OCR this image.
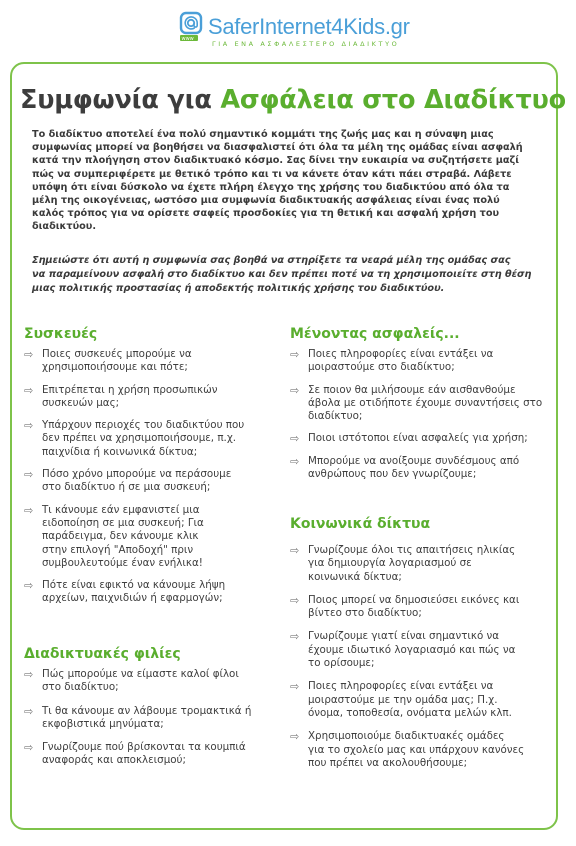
www SaferInternet4Kids.gr
ΓΙΑ ΕΝΑ ΑΣΦΑΛΕΣΤΕΡΟ ΔΙΑΔΙΚΤΥΟ
Συμφωνία για Ασφάλεια στο Διαδίκτυο
Το διαδίκτυο αποτελεί ένα πολύ σημαντικό κομμάτι της ζωής μας και η σύναψη μιας
συμφωνίας μπορεί να βοηθήσει να διασφαλιστεί ότι όλα τα μέλη της ομάδας είναι ασφαλή
κατά την πλοήγηση στον διαδικτυακό κόσμο. Σας δίνει την ευκαιρία να συζητήσετε μαζί
πώς να συμπεριφέρετε με θετικό τρόπο και τι να κάνετε όταν κάτι πάει στραβά. Λάβετε
υπόψη ότι είναι δύσκολο να έχετε πλήρη έλεγχο της χρήσης του διαδικτύου από όλα τα
μέλη της οικογένειας, ωστόσο μια συμφωνία διαδικτυακής ασφάλειας είναι ένας πολύ
καλός τρόπος για να ορίσετε σαφείς προσδοκίες για τη θετική και ασφαλή χρήση του
διαδικτύου.
Σημειώστε ότι αυτή η συμφωνία σας βοηθά να στηρίξετε τα νεαρά μέλη της ομάδας σας
να παραμείνουν ασφαλή στο διαδίκτυο και δεν πρέπει ποτέ να τη χρησιμοποιείτε στη θέση
μιας πολιτικής προστασίας ή αποδεκτής πολιτικής χρήσης του διαδικτύου.
Συσκευές
⇨ Ποιες συσκευές μπορούμε να
χρησιμοποιήσουμε και πότε;
⇨ Επιτρέπεται η χρήση προσωπικών
συσκευών μας;
⇨ Υπάρχουν περιοχές του διαδικτύου που
δεν πρέπει να χρησιμοποιήσουμε, π.χ.
παιχνίδια ή κοινωνικά δίκτυα;
⇨ Πόσο χρόνο μπορούμε να περάσουμε
στο διαδίκτυο ή σε μια συσκευή;
⇨ Τι κάνουμε εάν εμφανιστεί μια
ειδοποίηση σε μια συσκευή; Για
παράδειγμα, δεν κάνουμε κλικ
στην επιλογή "Αποδοχή" πριν
συμβουλευτούμε έναν ενήλικα!
⇨ Πότε είναι εφικτό να κάνουμε λήψη
αρχείων, παιχνιδιών ή εφαρμογών;
Διαδικτυακές φιλίες
⇨ Πώς μπορούμε να είμαστε καλοί φίλοι
στο διαδίκτυο;
⇨ Τι θα κάνουμε αν λάβουμε τρομακτικά ή
εκφοβιστικά μηνύματα;
⇨ Γνωρίζουμε πού βρίσκονται τα κουμπιά
αναφοράς και αποκλεισμού;
Μένοντας ασφαλείς...
⇨ Ποιες πληροφορίες είναι εντάξει να
μοιραστούμε στο διαδίκτυο;
⇨ Σε ποιον θα μιλήσουμε εάν αισθανθούμε
άβολα με οτιδήποτε έχουμε συναντήσεις στο
διαδίκτυο;
⇨ Ποιοι ιστότοποι είναι ασφαλείς για χρήση;
⇨ Μπορούμε να ανοίξουμε συνδέσμους από
ανθρώπους που δεν γνωρίζουμε;
Κοινωνικά δίκτυα
⇨ Γνωρίζουμε όλοι τις απαιτήσεις ηλικίας
για δημιουργία λογαριασμού σε
κοινωνικά δίκτυα;
⇨ Ποιος μπορεί να δημοσιεύσει εικόνες και
βίντεο στο διαδίκτυο;
⇨ Γνωρίζουμε γιατί είναι σημαντικό να
έχουμε ιδιωτικό λογαριασμό και πώς να
το ορίσουμε;
⇨ Ποιες πληροφορίες είναι εντάξει να
μοιραστούμε με την ομάδα μας; Π.χ.
όνομα, τοποθεσία, ονόματα μελών κλπ.
⇨ Χρησιμοποιούμε διαδικτυακές ομάδες
για το σχολείο μας και υπάρχουν κανόνες
που πρέπει να ακολουθήσουμε;
